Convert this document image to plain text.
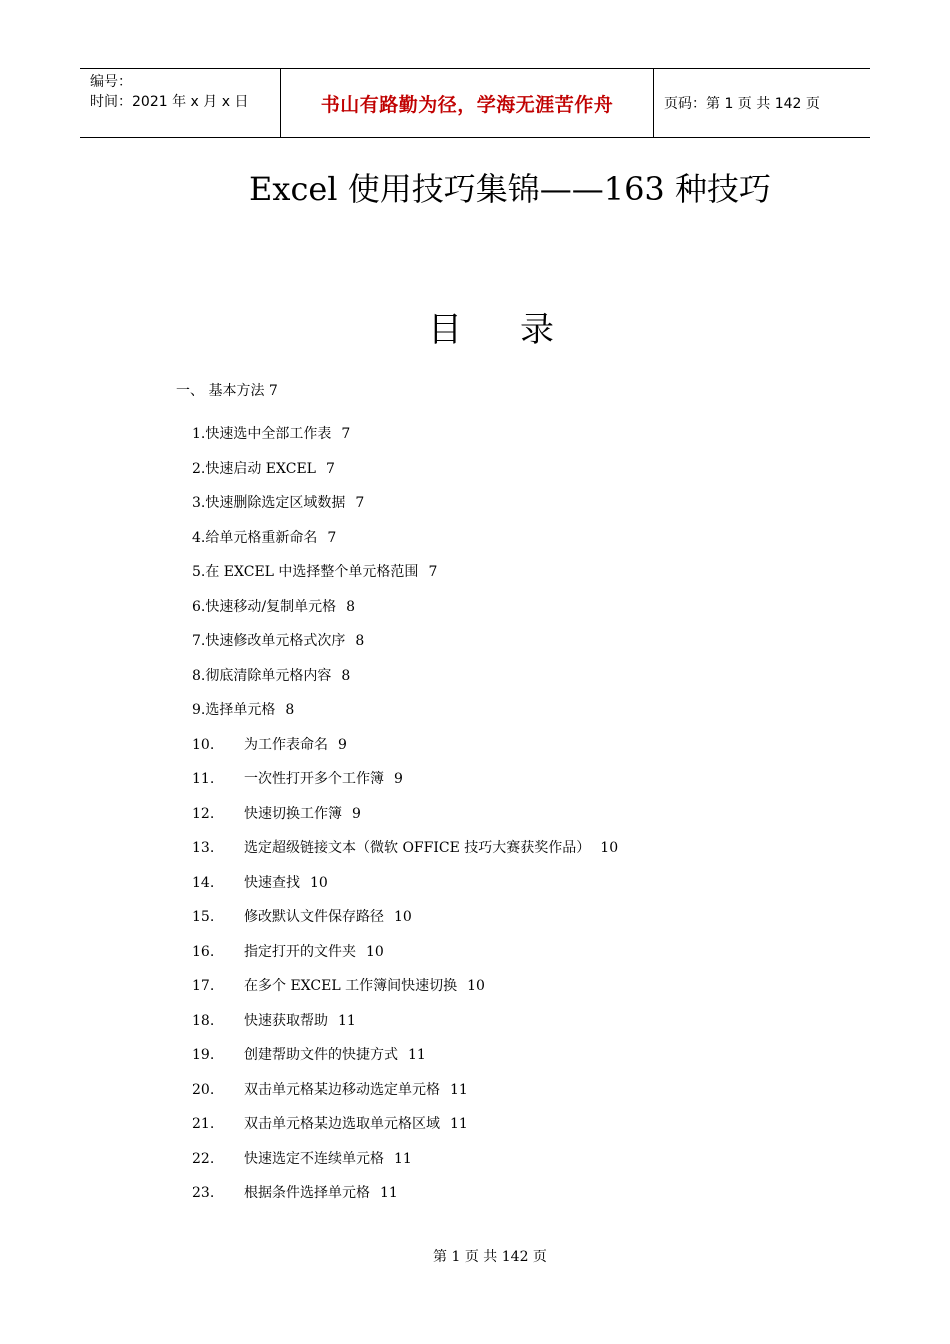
编号：
时间：2021 年 x 月 x 日	书山有路勤为径，学海无涯苦作舟	页码：第 1 页 共 142 页
Excel 使用技巧集锦——163 种技巧
目录
一、 基本方法 7
1. 快速选中全部工作表 7
2. 快速启动 EXCEL 7
3. 快速删除选定区域数据 7
4. 给单元格重新命名 7
5. 在 EXCEL 中选择整个单元格范围 7
6. 快速移动/复制单元格 8
7. 快速修改单元格式次序 8
8. 彻底清除单元格内容 8
9. 选择单元格 8
10.	为工作表命名 9
11.	一次性打开多个工作簿 9
12.	快速切换工作簿 9
13.	选定超级链接文本（微软 OFFICE 技巧大赛获奖作品） 10
14.	快速查找 10
15.	修改默认文件保存路径 10
16.	指定打开的文件夹 10
17.	在多个 EXCEL 工作簿间快速切换 10
18.	快速获取帮助 11
19.	创建帮助文件的快捷方式 11
20.	双击单元格某边移动选定单元格 11
21.	双击单元格某边选取单元格区域 11
22.	快速选定不连续单元格 11
23.	根据条件选择单元格 11
第 1 页 共 142 页
